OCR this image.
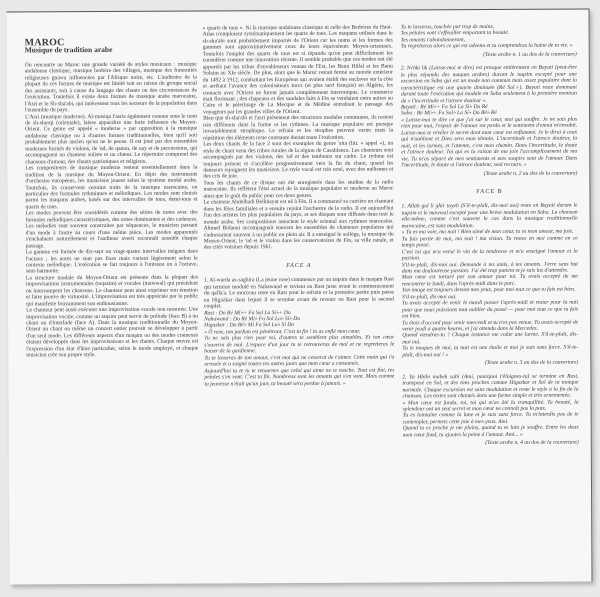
MAROC
Musique de tradition arabe

On rencontre au Maroc une grande variété de styles musicaux : musique andalouse classique, musique berbère des villages, musique des fraternités religieuses gnawa influencées par l'Afrique noire, etc. L'auditoire de la plupart de ces formes de musique est limité soit en raison du groupe social des assistants, soit à cause du langage des chants ou des circonstances de l'exécution. Toutefois il existe deux formes de musique arabe marocaine, l'Asri et le Sh-sha'abi, qui intéressent tous les secteurs de la population dans l'ensemble du pays.

L'Asri (musique moderne). Al-musiqa l'asria également connue sous le nom de sh-sherqi (orientale), laisse apparaître une forte influence du Moyen-Orient. Ce genre est appelé « moderne » par opposition à la musique andalouse classique ou à d'autres formes traditionnelles, bien qu'il soit probablement plus ancien qu'on ne le pense. Il est joué par des ensembles modernes formés de violons, de 'ud, de qanun, de nay et de percussions, qui accompagnent un chanteur soliste et un chœur. Le répertoire comprend des chansons d'amour, des chants patriotiques et religieux.

Les compositeurs de musique moderne restent essentiellement dans la tradition de la musique du Moyen-Orient. En dépit des instruments d'orchestre européens, les musiciens jouent selon le système modal arabe. Toutefois, ils conservent certains traits de la musique marocaine, en particulier des formules rythmiques et mélodiques. Les modes sont choisis parmi les maqams arabes, basés sur des intervalles de tons, demi-tons et quarts de tons.

Les modes peuvent être considérés comme des séries de notes avec des formules mélodiques caractéristiques, des notes dominantes et des cadences. Les mélodies sont souvent construites par séquences, le musicien passant d'un mode à l'autre au cours d'une même pièce. Les modes apparentés s'enchaînent naturellement et l'auditeur averti reconnaît aussitôt chaque passage.

La gamme est formée de dix-sept ou vingt-quatre intervalles inégaux dans l'octave ; les notes ne sont pas fixes mais varient légèrement selon le contexte mélodique. L'exécution se fait toujours à l'unisson ou à l'octave, sans harmonie.

La structure modale du Moyen-Orient est présente dans la plupart des improvisations instrumentales (taqasim) et vocales (mawwal) qui précèdent ou interrompent les chansons. Le chanteur peut ainsi exprimer son émotion et faire preuve de virtuosité. L'improvisation est très appréciée par le public qui manifeste bruyamment son enthousiasme.

Le chanteur peut aussi exécuter une improvisation vocale non mesurée. Une improvisation vocale, comme un taqsim peut servir de prélude (face B) à un chant ou d'interlude (face A). Dans la musique traditionnelle du Moyen-Orient un chant ou même un concert entier pouvait se développer à partir d'un seul mode. Les différents aspects d'un maqam ou des modes connexes étaient développés dans les improvisations et les chants. Chaque œuvre est l'expression d'un état d'âme particulier, selon le mode employé, et chaque musicien crée son propre style.

« quarts de tons ». Ni la musique andalouse classique ni celle des Berbères du Haut-Atlas n'emploient systématiquement les quarts de tons. Les maqams utilisés dans le sh-sha'abi sont probablement importés de l'Orient car les noms et les formes des gammes sont approximativement ceux de leurs équivalents Moyen-orientaux. Toutefois l'emploi des quarts de tons est si répandu qu'on peut difficilement les considérer comme une innovation récente. Il semble probable que ces modes ont été apportés par les tribus d'envahisseurs venant de l'Est, les Banu Hillal et les Banu Solaim au XIe siècle. De plus, alors que le Maroc restait fermé au monde extérieur du 1492 à 1912, combattant les Européens qui avaient établi des enclaves sur la côte et arrêtant l'avance des colonisateurs turcs (et plus tard français) en Algérie, les contacts avec l'Orient ne furent jamais complètement interrompus. Le commerce était florissant ; des chapeaux et des sandales faits à Fès se vendaient entre autres au Caire et le pèlerinage de La Mecque et de Médine entraînait le passage des voyageurs par les grandes villes de l'Orient.

Bien que sh-sha'abi et l'asri présentent des structures modales communes, ils restent très différents dans la forme et les rythmes. La musique populaire est presque invariablement strophique. Le refrain et les strophes peuvent varier mais la répétition des éléments reste constante durant toute l'exécution.

Les deux chants de la face 2 sont des exemples du genre 'aita (litt. « appel »), un style de chant venu des tribus rurales de la région de Casablanca. Les chanteurs sont accompagnés par des violons, des 'ud et des tambours sur cadre. Le rythme est toujours présent et s'accélère progressivement vers la fin du chant, quand les danseurs rejoignent les musiciens. Le style vocal est très orné, avec des mélismes et des cris de joie.

Tous les chants de ce disque ont été enregistrés dans les studios de la radio marocaine. Ils reflètent l'état actuel de la musique populaire et moderne au Maroc ainsi que le goût du public pour ces deux genres.

Le chanteur Abdelhadi Belkhayat est né à Fès. Il a commencé sa carrière en chantant dans les fêtes familiales et a ensuite rejoint l'orchestre de la radio. Il est aujourd'hui l'un des artistes les plus populaires du pays, et ses disques sont diffusés dans tout le monde arabe. Ses compositions associent le style oriental aux rythmes marocains. Ahmed Bidaoui accompagnait souvent les ensembles de chanteurs populaires qui s'adressaient souvent à un public en plein air. Il a enseigné le solfège, la musique du Moyen-Orient, le 'ud et le violon dans les conservatoires de Fès, sa ville natale, et des cités voisines depuis 1961.

FACE A

1. Al-warda as-saghira (La jeune rose) commence par un taqsim dans le maqam Rast qui termine modulé en Nahawand et revient en Rast juste avant le commencement du qafla'a. Le morceau reste en Rast pour le refrain et la première partie puis passe en Higazkar dans lequel il se termine avant de revenir en Rast pour le second couplet.

Rast : Do Ré Mi♭+ Fa Sol La Si♭+ Do

Nahawand : Do Ré Mi♭ Fa Sol La♭ Si♭ Do

Higazkar : Do Ré♭ Mi Fa Sol La♭ Si Do

« Ô rose, ton parfum est pénétrant. C'est ta fin ! tu as enflé mon cœur.

Tu ne sais plus rien pour toi, d'autres te semblent plus aimables. Et ton cœur s'ouvrira de mal. L'espace d'un jour tu te retrouveras de mal et ne regretteras le baiser de la gardienne.

Tu te lasseras de ton amour, c'est moi qui ne cesserai de t'aimer. Cette main qui t'a arrosée et a soigné toutes tes autres jours que mon cœur a consumés.

Aujourd'hui tu te tu te retournes que celui qui aime ne te touche. Tout est fini, tes pétales s'en vont. C'est ta fin. Nombreux sont les amants qui s'en vont. Mais comme ta jeunesse n'était qu'un jour, ta beauté sera perdue à jamais. »

Tu te lasseras, touchée par trop de mains,

Tes pétales vont s'effeuiller emportant ta beauté.

Tes amants t'abandonneront,

Tu regretteras alors ce qui est advenu et tu comprendras la haine de ta vie. »

(Texte arabe n. 1 au dos de la couverture)

2. Nchki lik (Laisse-moi te dire) est presque entièrement en Bayati (peut-être le plus répandu des maqam arabes) durant le taqsim excepté pour une excursion en Saba qui est un mode non commun mais assez populaire dont la caractéristique est une quarte diminuée (Ré Sol♭). Bayati reste dominant durant toute l'exécution qui module en Saba seulement à la première mention de « l'incertitude et l'atroce douleur ».

Bayati : Ré Mi♭+ Fa Sol La Si♭ Do Ré

Saba : Ré Mi♭+ Fa Sol♭ La Si♭ Do Ré♭ Ré

« Laisse-moi te dire ce que j'ai sur le cœur, moi qui souffre. Je ne sais plus rien pour moi, l'espoir de l'amour est perdu et le sentiment d'ennui m'envahit. Laisse-moi te révéler le secret dont mon cœur est enflammé. Je le dirai à ceux qui n'oublient et Dieu sera mon témoin. L'incertitude et l'atroce douleur, la nuit, et les larmes, et l'attente, c'est mon chemin. Dans l'incertitude, le doute et l'atroce douleur. Toi qui es la raison de ma joie l'accomplissement de ma vie. Tu m'as séparé de mes sentiments et mes soupirs sont de l'amour. Dans l'incertitude, le doute et l'atroce douleur, seul recours. »

(Texte arabe n. 2 au dos de la couverture)
FACE B

1. Allah gol li ghir toyeb (S'il-te-plaît, dis-moi oui) reste en Bayati durant le taqsim et le mawwal excepté pour une brève modulation en Saba. La chanson elle-même, comme c'est souvent le cas dans la musique traditionnelle marocaine, est sans modulation.

« Tu es ma voie, ma nuit ! Bien aimé de mon cœur, tu es mon amour, ma joie.

Tu fais partie de moi, ma nuit ! ma vision. Tu restes en moi comme en ce temps passé.

C'est toi qui m'a versé le vin de la tendresse et m'a enseigné l'amour et la passion.

S'il-te-plaît, dis-moi oui. Demande à tes amis, à tes amants. J'erre sans but dans ma douloureuse passion. J'ai été trop patient et je suis las d'attendre.

Mon cœur est torturé par son amour pour toi. Tu avais accepté de me rencontrer le lundi, dans l'après-midi dans le parc.

Ton image est toujours devant mes yeux, pour moi tout ce que tu fais est bien.

S'il-te-plaît, dis-moi oui.

Tu avais accepté de venir le mardi passer l'après-midi et rester pour la nuit pour que nous puissions tout oublier du passé — pour moi tout ce que tu fais est bien.

Tu étais d'accord pour venir mercredi et tu n'es pas venue. Tu avais accepté de venir jeudi à quatre heures, et j'ai attendu dans la Mercedes.

Quand viendras-tu ? Chaque instance me coûte une larme. S'il-te-plaît, dis-moi oui.

Tu te moques de moi, ta nuit est une étoile et moi je suis sans force. S'il-te-plaît, dis-moi oui ! »

(Texte arabe n. 3 au dos de la couverture)

2. Ya Hbibi mahek sabi (Ami, pourquoi t'éloignes-tu) se termine en Rast, transposé en Sol, et des tons proches comme Higazkar et Sol de ta tonique normale. Chaque excursion est sans modulation et reste le style à la fin de la chanson. Les textes sont chantés dans une forme simple et très ornementée.

« Mon cœur est fondu, toi, toi qui m'as ôté la tranquillité. Ta beauté, la splendeur ont un seul secret et mon cœur ne connaît pas la paix.

Tu es lointaine comme la lune et je suis sans force. Tu m'interdis pas de te contempler, permets cette joie à mes yeux. Ami.

Quand tu es proche je me plains, quand tu es loin je souffre. Entre les deux mon cœur fond, tu ajoutes la peine à l'amour. Ami... »

(Texte arabe n. 4 au dos de la couverture)
